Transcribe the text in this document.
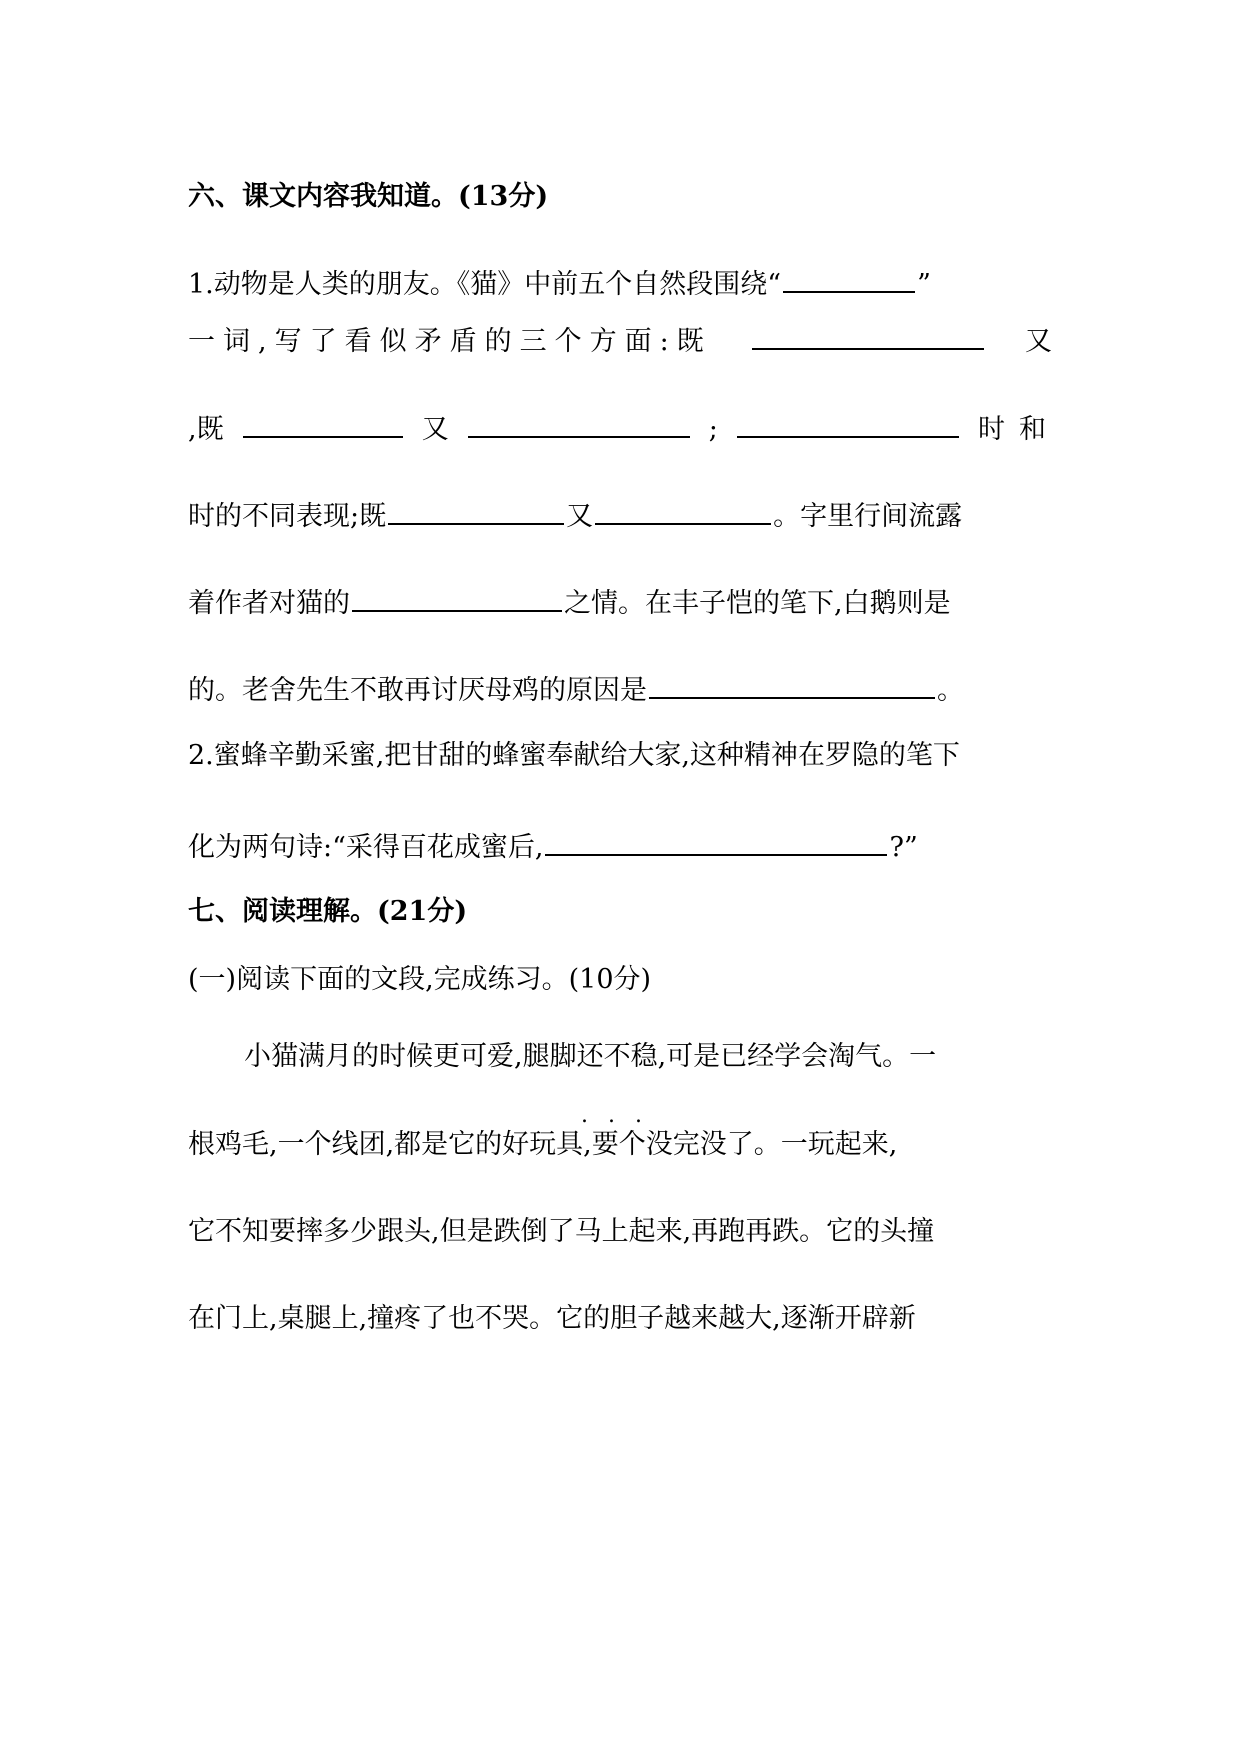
六、课文内容我知道。(13分)
1.动物是人类的朋友。《猫》中前五个自然段围绕“	”
一词,写了看似矛盾的三个方面:既	又
,既	又	;	时和
时的不同表现;既	又	。字里行间流露
着作者对猫的	之情。在丰子恺的笔下,白鹅则是
的。老舍先生不敢再讨厌母鸡的原因是	。
2.蜜蜂辛勤采蜜,把甘甜的蜂蜜奉献给大家,这种精神在罗隐的笔下
化为两句诗:“采得百花成蜜后,	?”
七、阅读理解。(21分)
(一)阅读下面的文段,完成练习。(10分)
小猫满月的时候更可爱,腿脚还不稳,可是已经学会淘气。一
...
根鸡毛,一个线团,都是它的好玩具,要个没完没了。一玩起来,
它不知要摔多少跟头,但是跌倒了马上起来,再跑再跌。它的头撞
在门上,桌腿上,撞疼了也不哭。它的胆子越来越大,逐渐开辟新
